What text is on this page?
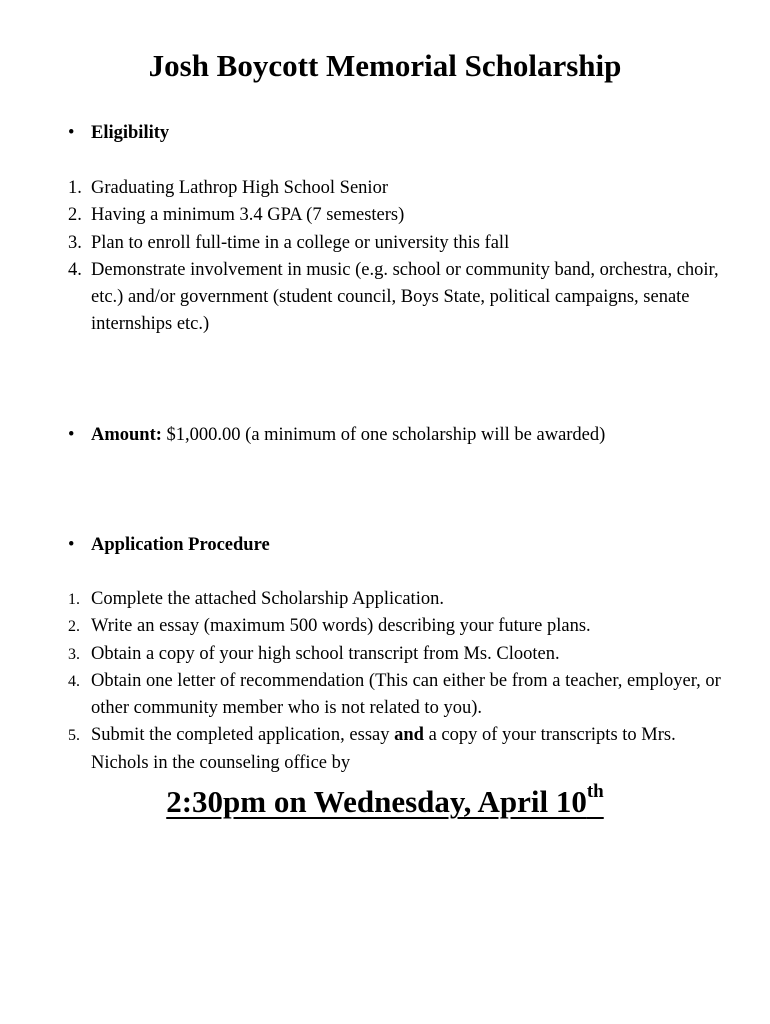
Josh Boycott Memorial Scholarship
• Eligibility
1. Graduating Lathrop High School Senior
2. Having a minimum 3.4 GPA (7 semesters)
3. Plan to enroll full-time in a college or university this fall
4. Demonstrate involvement in music (e.g. school or community band, orchestra, choir, etc.) and/or government (student council, Boys State, political campaigns, senate internships etc.)
• Amount: $1,000.00 (a minimum of one scholarship will be awarded)
• Application Procedure
1. Complete the attached Scholarship Application.
2. Write an essay (maximum 500 words) describing your future plans.
3. Obtain a copy of your high school transcript from Ms. Clooten.
4. Obtain one letter of recommendation (This can either be from a teacher, employer, or other community member who is not related to you).
5. Submit the completed application, essay and a copy of your transcripts to Mrs. Nichols in the counseling office by
2:30pm on Wednesday, April 10th
